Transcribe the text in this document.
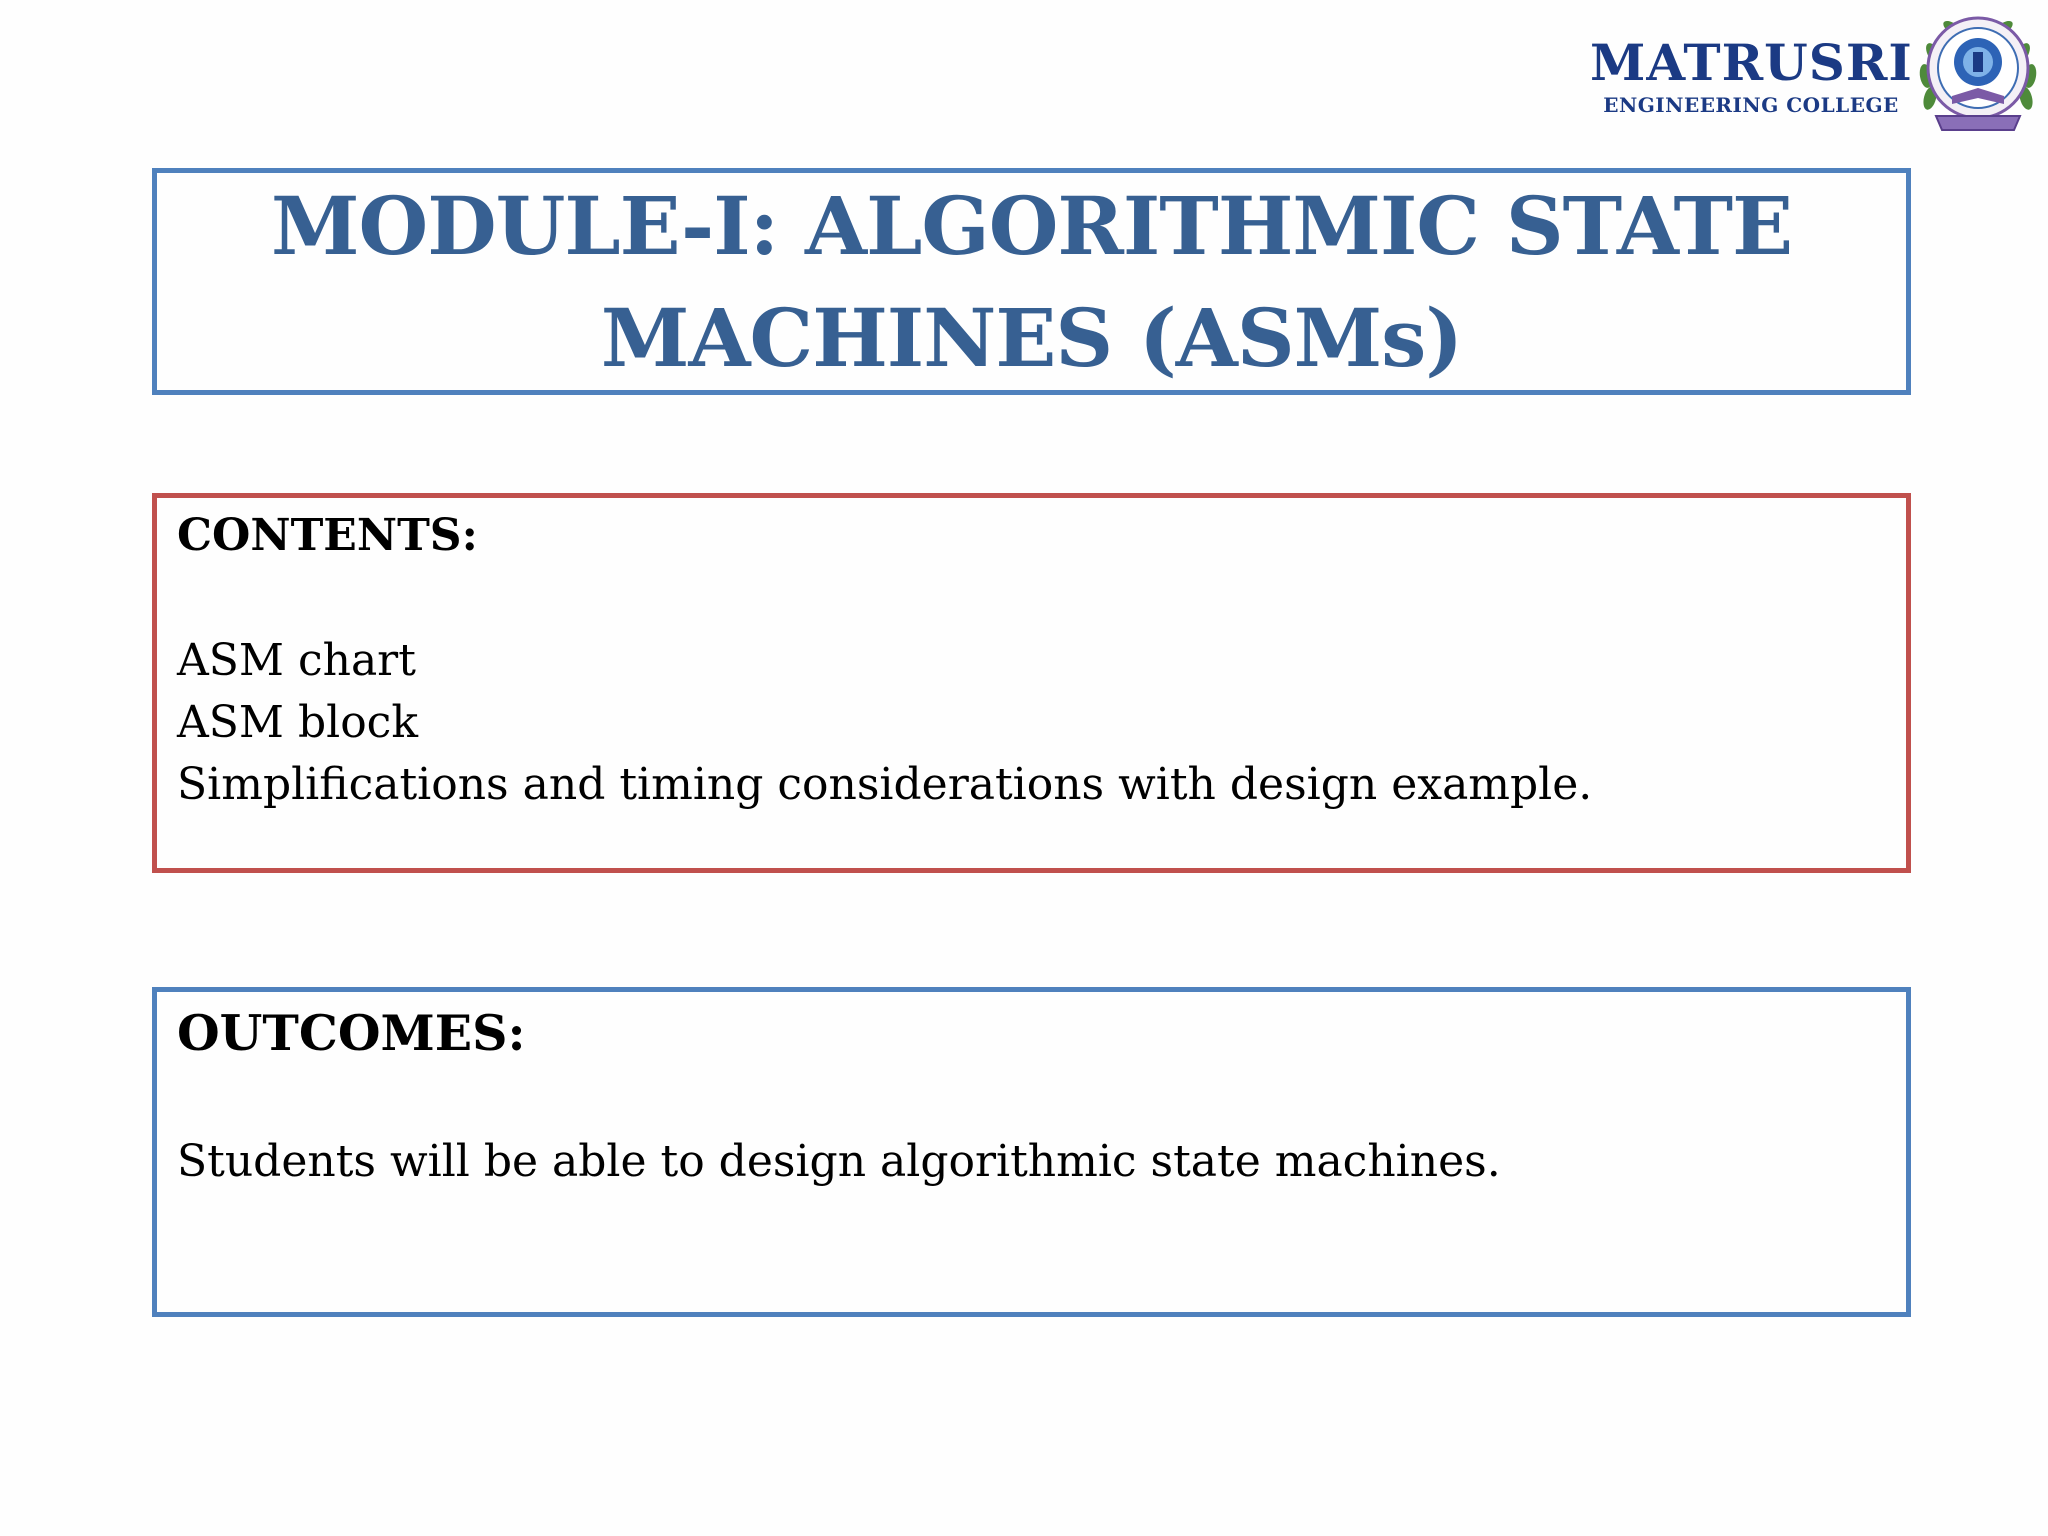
MATRUSRI
ENGINEERING COLLEGE
MODULE-I: ALGORITHMIC STATE
MACHINES (ASMs)

CONTENTS:

ASM chart
ASM block
Simplifications and timing considerations with design example.

OUTCOMES:

Students will be able to design algorithmic state machines.
